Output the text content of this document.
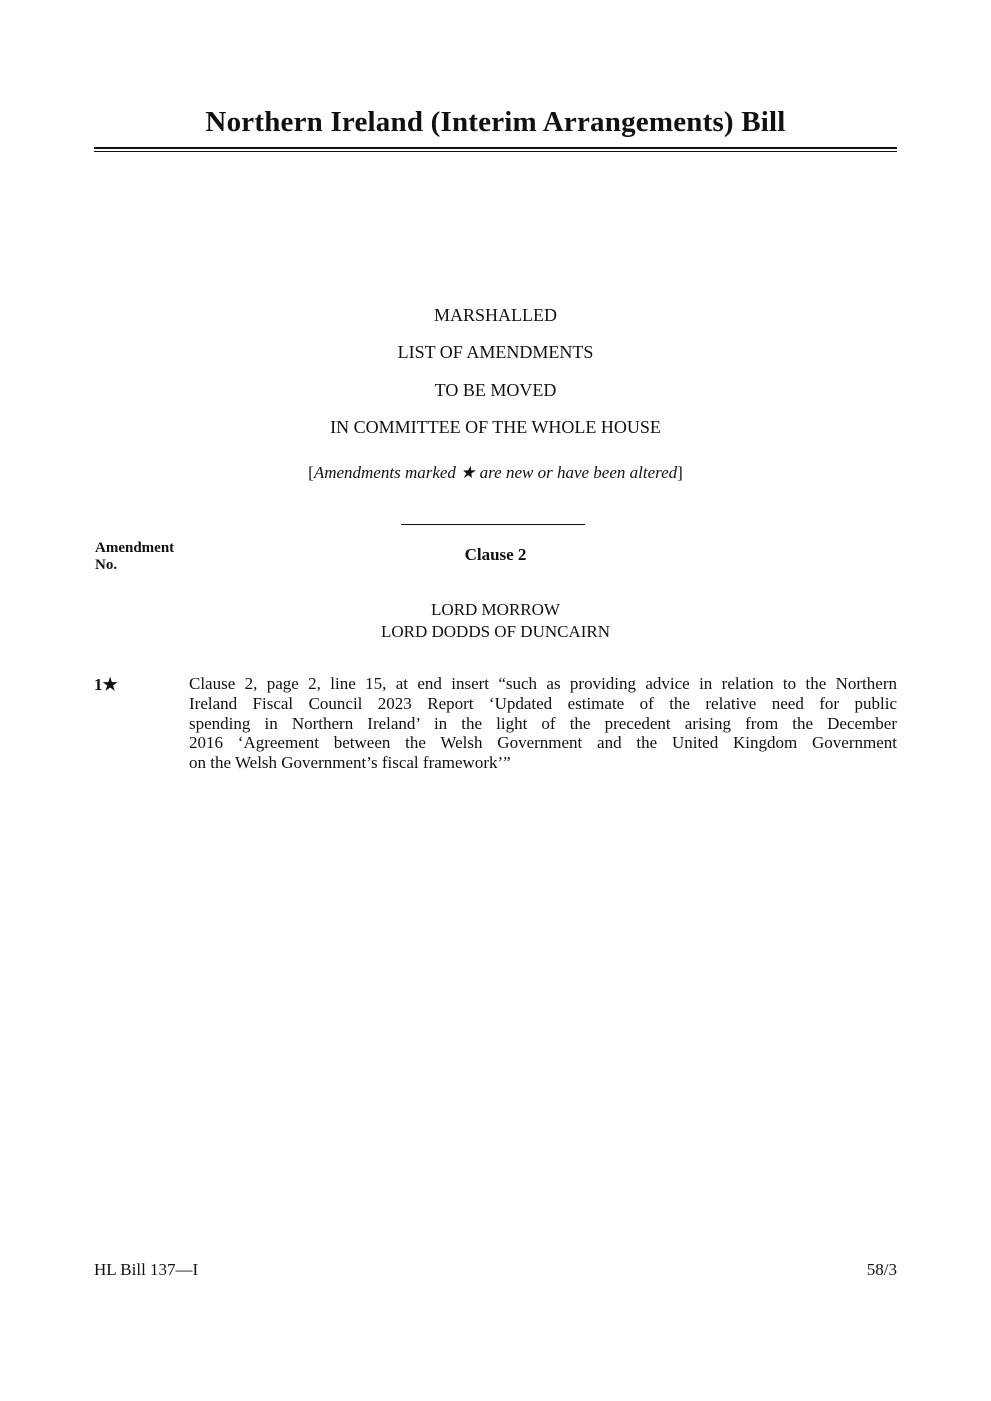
Northern Ireland (Interim Arrangements) Bill
MARSHALLED
LIST OF AMENDMENTS
TO BE MOVED
IN COMMITTEE OF THE WHOLE HOUSE
[Amendments marked ★ are new or have been altered]
Amendment
No.
Clause 2
LORD MORROW
LORD DODDS OF DUNCAIRN
1★	Clause 2, page 2, line 15, at end insert “such as providing advice in relation to the Northern
Ireland Fiscal Council 2023 Report ‘Updated estimate of the relative need for public
spending in Northern Ireland’ in the light of the precedent arising from the December
2016 ‘Agreement between the Welsh Government and the United Kingdom Government
on the Welsh Government’s fiscal framework’”
HL Bill 137—I	58/3
